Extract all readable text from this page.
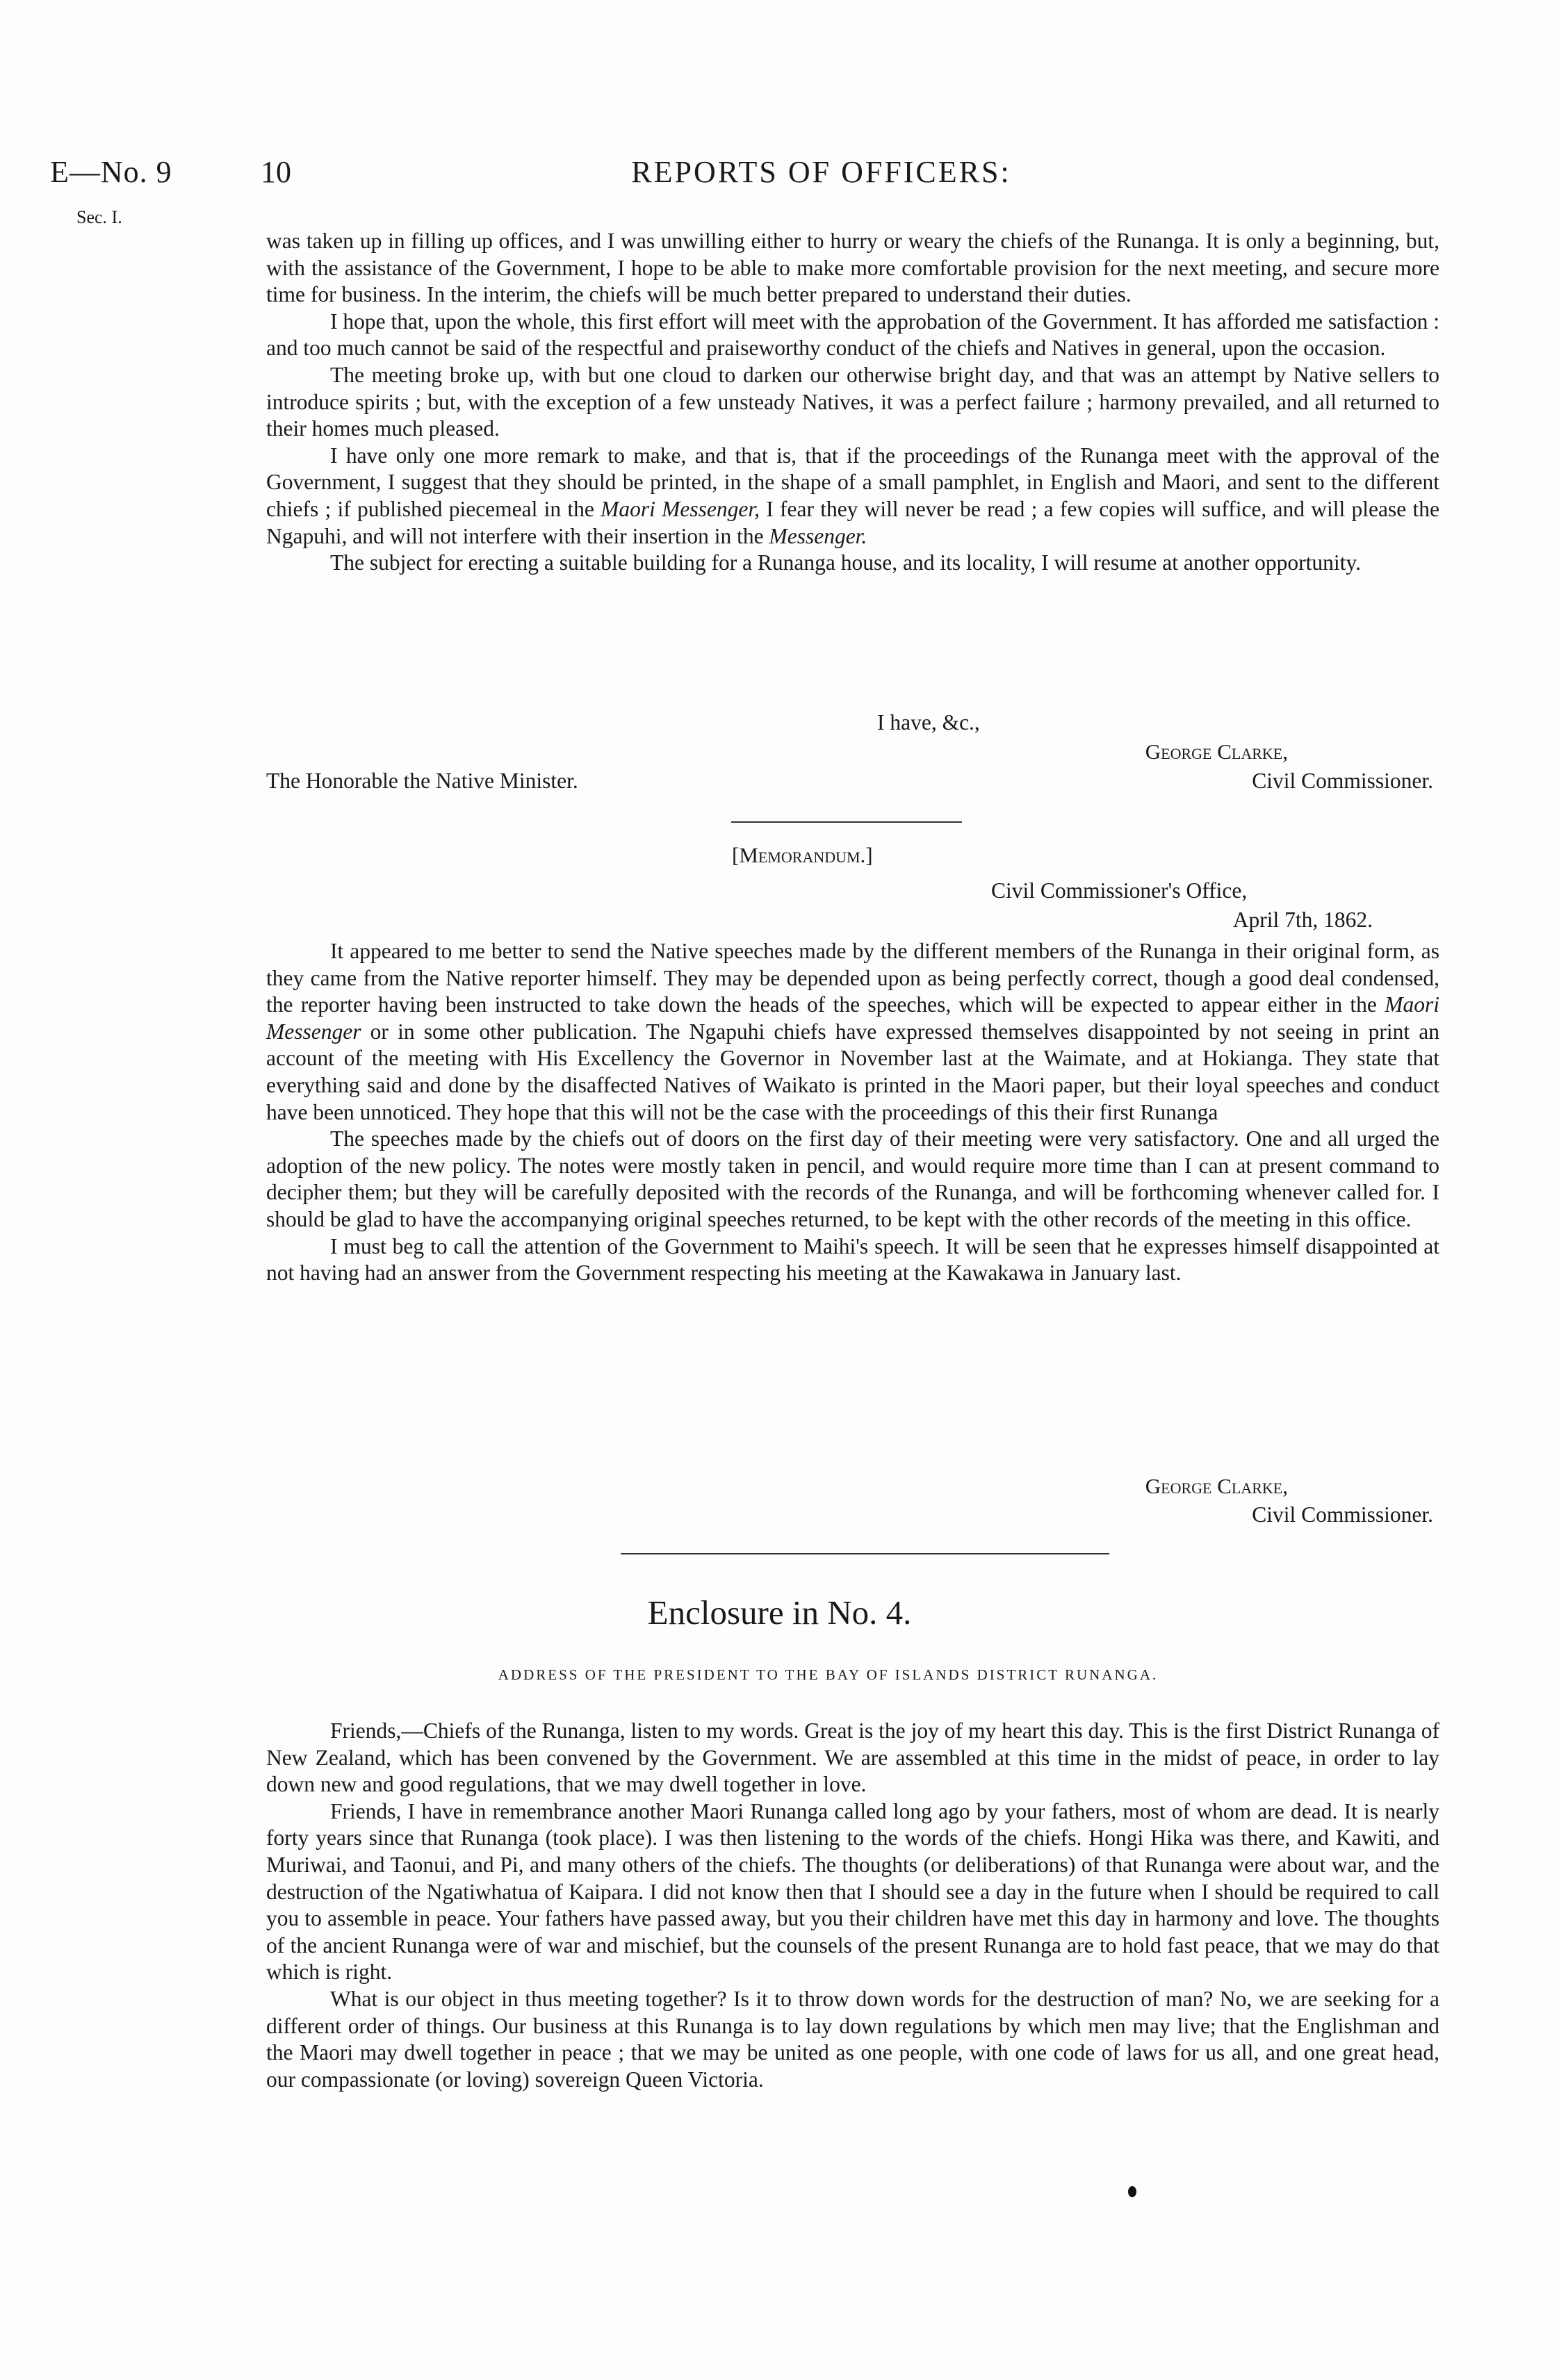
E—No. 9
Sec. I.
10	REPORTS OF OFFICERS:

was taken up in filling up offices, and I was unwilling either to hurry or weary the chiefs of the Runanga. It is only a beginning, but, with the assistance of the Government, I hope to be able to make more comfortable provision for the next meeting, and secure more time for business. In the interim, the chiefs will be much better prepared to understand their duties.

I hope that, upon the whole, this first effort will meet with the approbation of the Government. It has afforded me satisfaction : and too much cannot be said of the respectful and praiseworthy conduct of the chiefs and Natives in general, upon the occasion.

The meeting broke up, with but one cloud to darken our otherwise bright day, and that was an attempt by Native sellers to introduce spirits ; but, with the exception of a few unsteady Natives, it was a perfect failure ; harmony prevailed, and all returned to their homes much pleased.

I have only one more remark to make, and that is, that if the proceedings of the Runanga meet with the approval of the Government, I suggest that they should be printed, in the shape of a small pamphlet, in English and Maori, and sent to the different chiefs ; if published piecemeal in the Maori Messenger, I fear they will never be read ; a few copies will suffice, and will please the Ngapuhi, and will not interfere with their insertion in the Messenger.

The subject for erecting a suitable building for a Runanga house, and its locality, I will resume at another opportunity.

I have, &c.,
George Clarke,
The Honorable the Native Minister.	Civil Commissioner.
[Memorandum.]
Civil Commissioner's Office,
April 7th, 1862.

It appeared to me better to send the Native speeches made by the different members of the Runanga in their original form, as they came from the Native reporter himself. They may be depended upon as being perfectly correct, though a good deal condensed, the reporter having been instructed to take down the heads of the speeches, which will be expected to appear either in the Maori Messenger or in some other publication. The Ngapuhi chiefs have expressed themselves disappointed by not seeing in print an account of the meeting with His Excellency the Governor in November last at the Waimate, and at Hokianga. They state that everything said and done by the disaffected Natives of Waikato is printed in the Maori paper, but their loyal speeches and conduct have been unnoticed. They hope that this will not be the case with the proceedings of this their first Runanga

The speeches made by the chiefs out of doors on the first day of their meeting were very satisfactory. One and all urged the adoption of the new policy. The notes were mostly taken in pencil, and would require more time than I can at present command to decipher them; but they will be carefully deposited with the records of the Runanga, and will be forthcoming whenever called for. I should be glad to have the accompanying original speeches returned, to be kept with the other records of the meeting in this office.

I must beg to call the attention of the Government to Maihi's speech. It will be seen that he expresses himself disappointed at not having had an answer from the Government respecting his meeting at the Kawakawa in January last.

George Clarke,
Civil Commissioner.
Enclosure in No. 4.
ADDRESS OF THE PRESIDENT TO THE BAY OF ISLANDS DISTRICT RUNANGA.

Friends,—Chiefs of the Runanga, listen to my words. Great is the joy of my heart this day. This is the first District Runanga of New Zealand, which has been convened by the Government. We are assembled at this time in the midst of peace, in order to lay down new and good regulations, that we may dwell together in love.

Friends, I have in remembrance another Maori Runanga called long ago by your fathers, most of whom are dead. It is nearly forty years since that Runanga (took place). I was then listening to the words of the chiefs. Hongi Hika was there, and Kawiti, and Muriwai, and Taonui, and Pi, and many others of the chiefs. The thoughts (or deliberations) of that Runanga were about war, and the destruction of the Ngatiwhatua of Kaipara. I did not know then that I should see a day in the future when I should be required to call you to assemble in peace. Your fathers have passed away, but you their children have met this day in harmony and love. The thoughts of the ancient Runanga were of war and mischief, but the counsels of the present Runanga are to hold fast peace, that we may do that which is right.

What is our object in thus meeting together? Is it to throw down words for the destruction of man? No, we are seeking for a different order of things. Our business at this Runanga is to lay down regulations by which men may live; that the Englishman and the Maori may dwell together in peace ; that we may be united as one people, with one code of laws for us all, and one great head, our compassionate (or loving) sovereign Queen Victoria.
